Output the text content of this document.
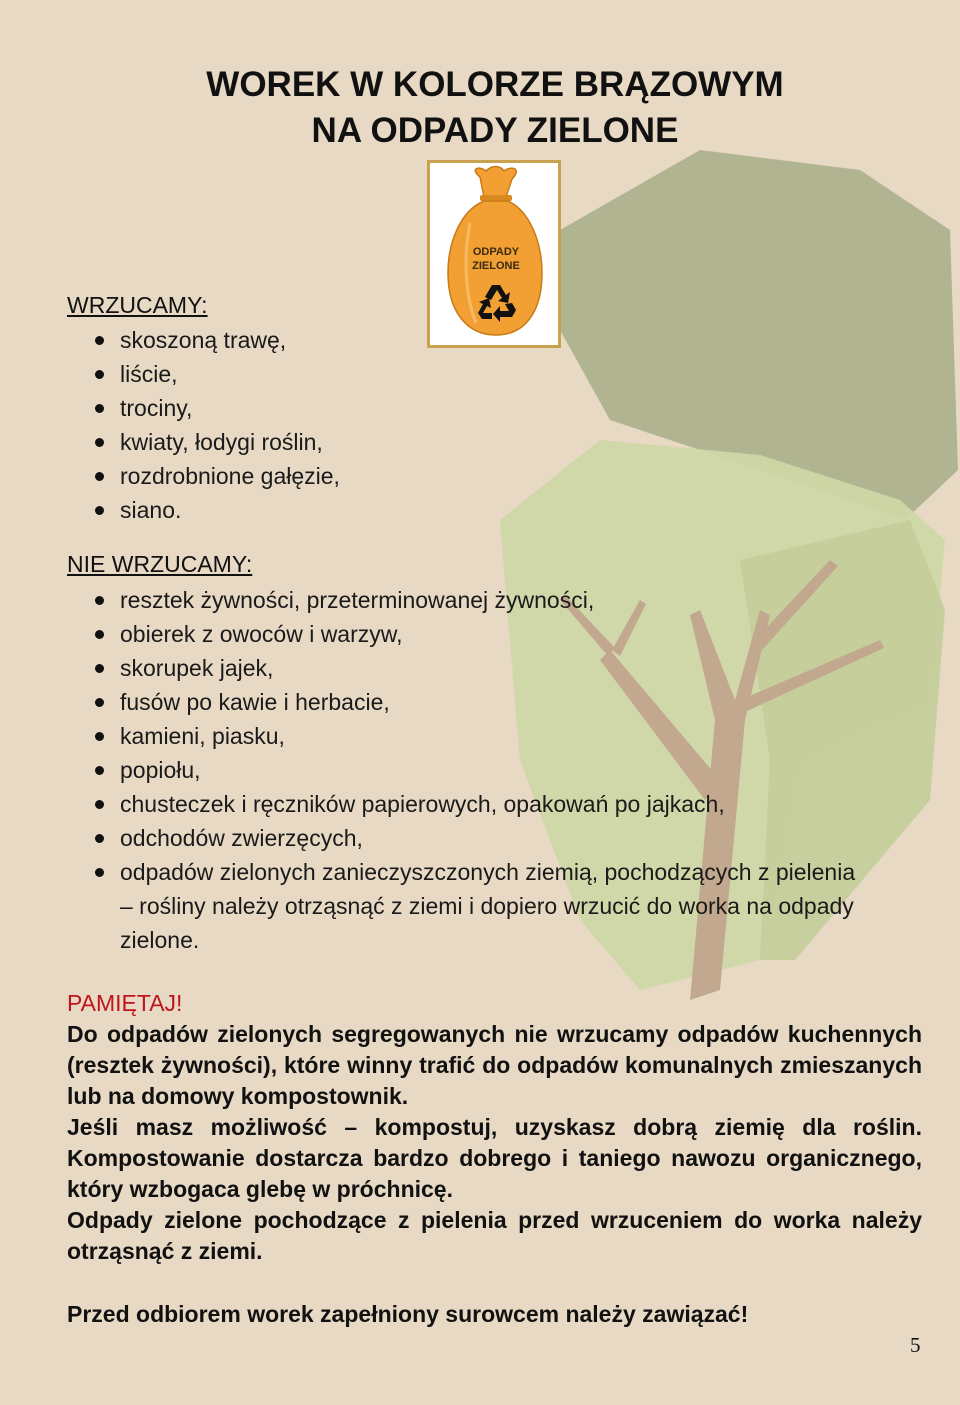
WOREK W KOLORZE BRĄZOWYM
NA ODPADY ZIELONE
ODPADY
ZIELONE
WRZUCAMY:
skoszoną trawę,
liście,
trociny,
kwiaty, łodygi roślin,
rozdrobnione gałęzie,
siano.
NIE WRZUCAMY:
resztek żywności, przeterminowanej żywności,
obierek z owoców i warzyw,
skorupek jajek,
fusów po kawie i herbacie,
kamieni, piasku,
popiołu,
chusteczek i ręczników papierowych, opakowań po jajkach,
odchodów zwierzęcych,
odpadów zielonych zanieczyszczonych ziemią, pochodzących z pielenia – rośliny należy otrząsnąć z ziemi i dopiero wrzucić do worka na odpady zielone.
PAMIĘTAJ!

Do odpadów zielonych segregowanych nie wrzucamy odpadów kuchennych (resztek żywności), które winny trafić do odpadów komunalnych zmieszanych lub na domowy kompostownik.

Jeśli masz możliwość – kompostuj, uzyskasz dobrą ziemię dla roślin. Kompostowanie dostarcza bardzo dobrego i taniego nawozu organicznego, który wzbogaca glebę w próchnicę.

Odpady zielone pochodzące z pielenia przed wrzuceniem do worka należy otrząsnąć z ziemi.

Przed odbiorem worek zapełniony surowcem należy zawiązać!

5
